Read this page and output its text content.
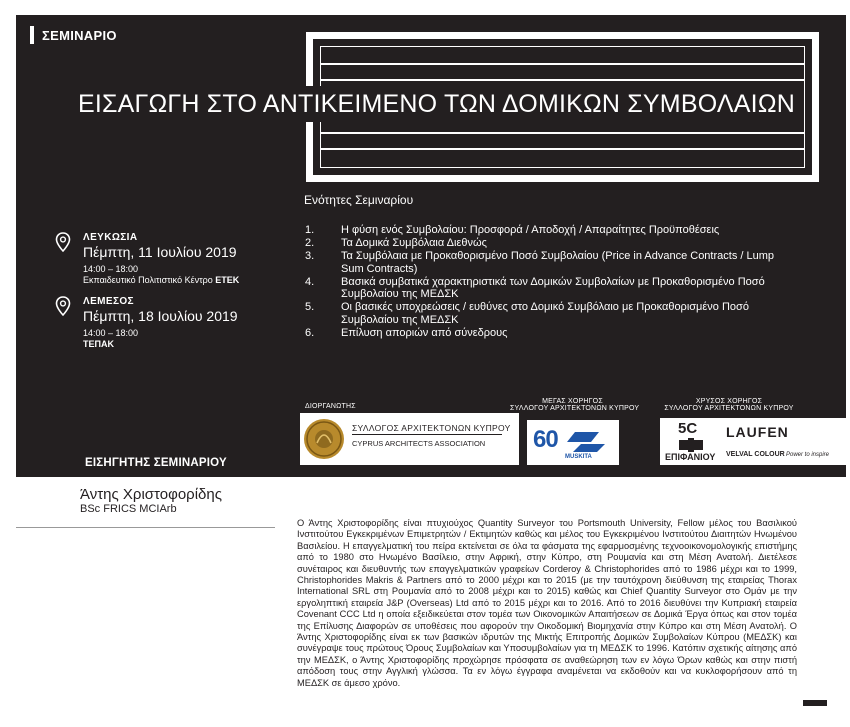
ΣΕΜΙΝΑΡΙΟ
ΕΙΣΑΓΩΓΗ ΣΤΟ ΑΝΤΙΚΕΙΜΕΝΟ ΤΩΝ ΔΟΜΙΚΩΝ ΣΥΜΒΟΛΑΙΩΝ
ΛΕΥΚΩΣΙΑ
Πέμπτη, 11 Ιουλίου 2019
14:00 – 18:00
Εκπαιδευτικό Πολιτιστικό Κέντρο ΕΤΕΚ
ΛΕΜΕΣΟΣ
Πέμπτη, 18 Ιουλίου 2019
14:00 – 18:00
ΤΕΠΑΚ
Ενότητες Σεμιναρίου
1. Η φύση ενός Συμβολαίου: Προσφορά / Αποδοχή / Απαραίτητες Προϋποθέσεις
2. Τα Δομικά Συμβόλαια Διεθνώς
3. Τα Συμβόλαια με Προκαθορισμένο Ποσό Συμβολαίου (Price in Advance Contracts / Lump Sum Contracts)
4. Βασικά συμβατικά χαρακτηριστικά των Δομικών Συμβολαίων με Προκαθορισμένο Ποσό Συμβολαίου της ΜΕΔΣΚ
5. Οι βασικές υποχρεώσεις / ευθύνες στο Δομικό Συμβόλαιο με Προκαθορισμένο Ποσό Συμβολαίου της ΜΕΔΣΚ
6. Επίλυση αποριών από σύνεδρους
ΔΙΟΡΓΑΝΩΤΗΣ
ΣΥΛΛΟΓΟΣ ΑΡΧΙΤΕΚΤΟΝΩΝ ΚΥΠΡΟΥ
CYPRUS ARCHITECTS ASSOCIATION
ΜΕΓΑΣ ΧΟΡΗΓΟΣ
ΣΥΛΛΟΓΟΥ ΑΡΧΙΤΕΚΤΟΝΩΝ ΚΥΠΡΟΥ
60
MUSKITA
ΧΡΥΣΟΣ ΧΟΡΗΓΟΣ
ΣΥΛΛΟΓΟΥ ΑΡΧΙΤΕΚΤΟΝΩΝ ΚΥΠΡΟΥ
5C
ΕΠΙΦΑΝΙΟΥ
LAUFEN
VELVAL COLOUR Power to inspire
ΕΙΣΗΓΗΤΗΣ ΣΕΜΙΝΑΡΙΟΥ
Άντης Χριστοφορίδης
BSc FRICS MCIArb

Ο Άντης Χριστοφορίδης είναι πτυχιούχος Quantity Surveyor του Portsmouth University, Fellow μέλος του Βασιλικού Ινστιτούτου Εγκεκριμένων Επιμετρητών / Εκτιμητών καθώς και μέλος του Εγκεκριμένου Ινστιτούτου Διαιτητών Ηνωμένου Βασιλείου. Η επαγγελματική του πείρα εκτείνεται σε όλα τα φάσματα της εφαρμοσμένης τεχνοοικονομολογικής επιστήμης από το 1980 στο Ηνωμένο Βασίλειο, στην Αφρική, στην Κύπρο, στη Ρουμανία και στη Μέση Ανατολή. Διετέλεσε συνέταιρος και διευθυντής των επαγγελματικών γραφείων Corderoy & Christophorides από το 1986 μέχρι και το 1999, Christophorides Makris & Partners από το 2000 μέχρι και το 2015 (με την ταυτόχρονη διεύθυνση της εταιρείας Thorax International SRL στη Ρουμανία από το 2008 μέχρι και το 2015) καθώς και Chief Quantity Surveyor στο Ομάν με την εργοληπτική εταιρεία J&P (Overseas) Ltd από το 2015 μέχρι και το 2016. Από το 2016 διευθύνει την Κυπριακή εταιρεία Covenant CCC Ltd η οποία εξειδικεύεται στον τομέα των Οικονομικών Απαιτήσεων σε Δομικά Έργα όπως και στον τομέα της Επίλυσης Διαφορών σε υποθέσεις που αφορούν την Οικοδομική Βιομηχανία στην Κύπρο και στη Μέση Ανατολή. Ο Άντης Χριστοφορίδης είναι εκ των βασικών ιδρυτών της Μικτής Επιτροπής Δομικών Συμβολαίων Κύπρου (ΜΕΔΣΚ) και συνέγραψε τους πρώτους Όρους Συμβολαίων και Υποσυμβολαίων για τη ΜΕΔΣΚ το 1996. Κατόπιν σχετικής αίτησης από την ΜΕΔΣΚ, ο Άντης Χριστοφορίδης προχώρησε πρόσφατα σε αναθεώρηση των εν λόγω Όρων καθώς και στην πιστή απόδοση τους στην Αγγλική γλώσσα. Τα εν λόγω έγγραφα αναμένεται να εκδοθούν και να κυκλοφορήσουν από τη ΜΕΔΣΚ σε άμεσο χρόνο.
